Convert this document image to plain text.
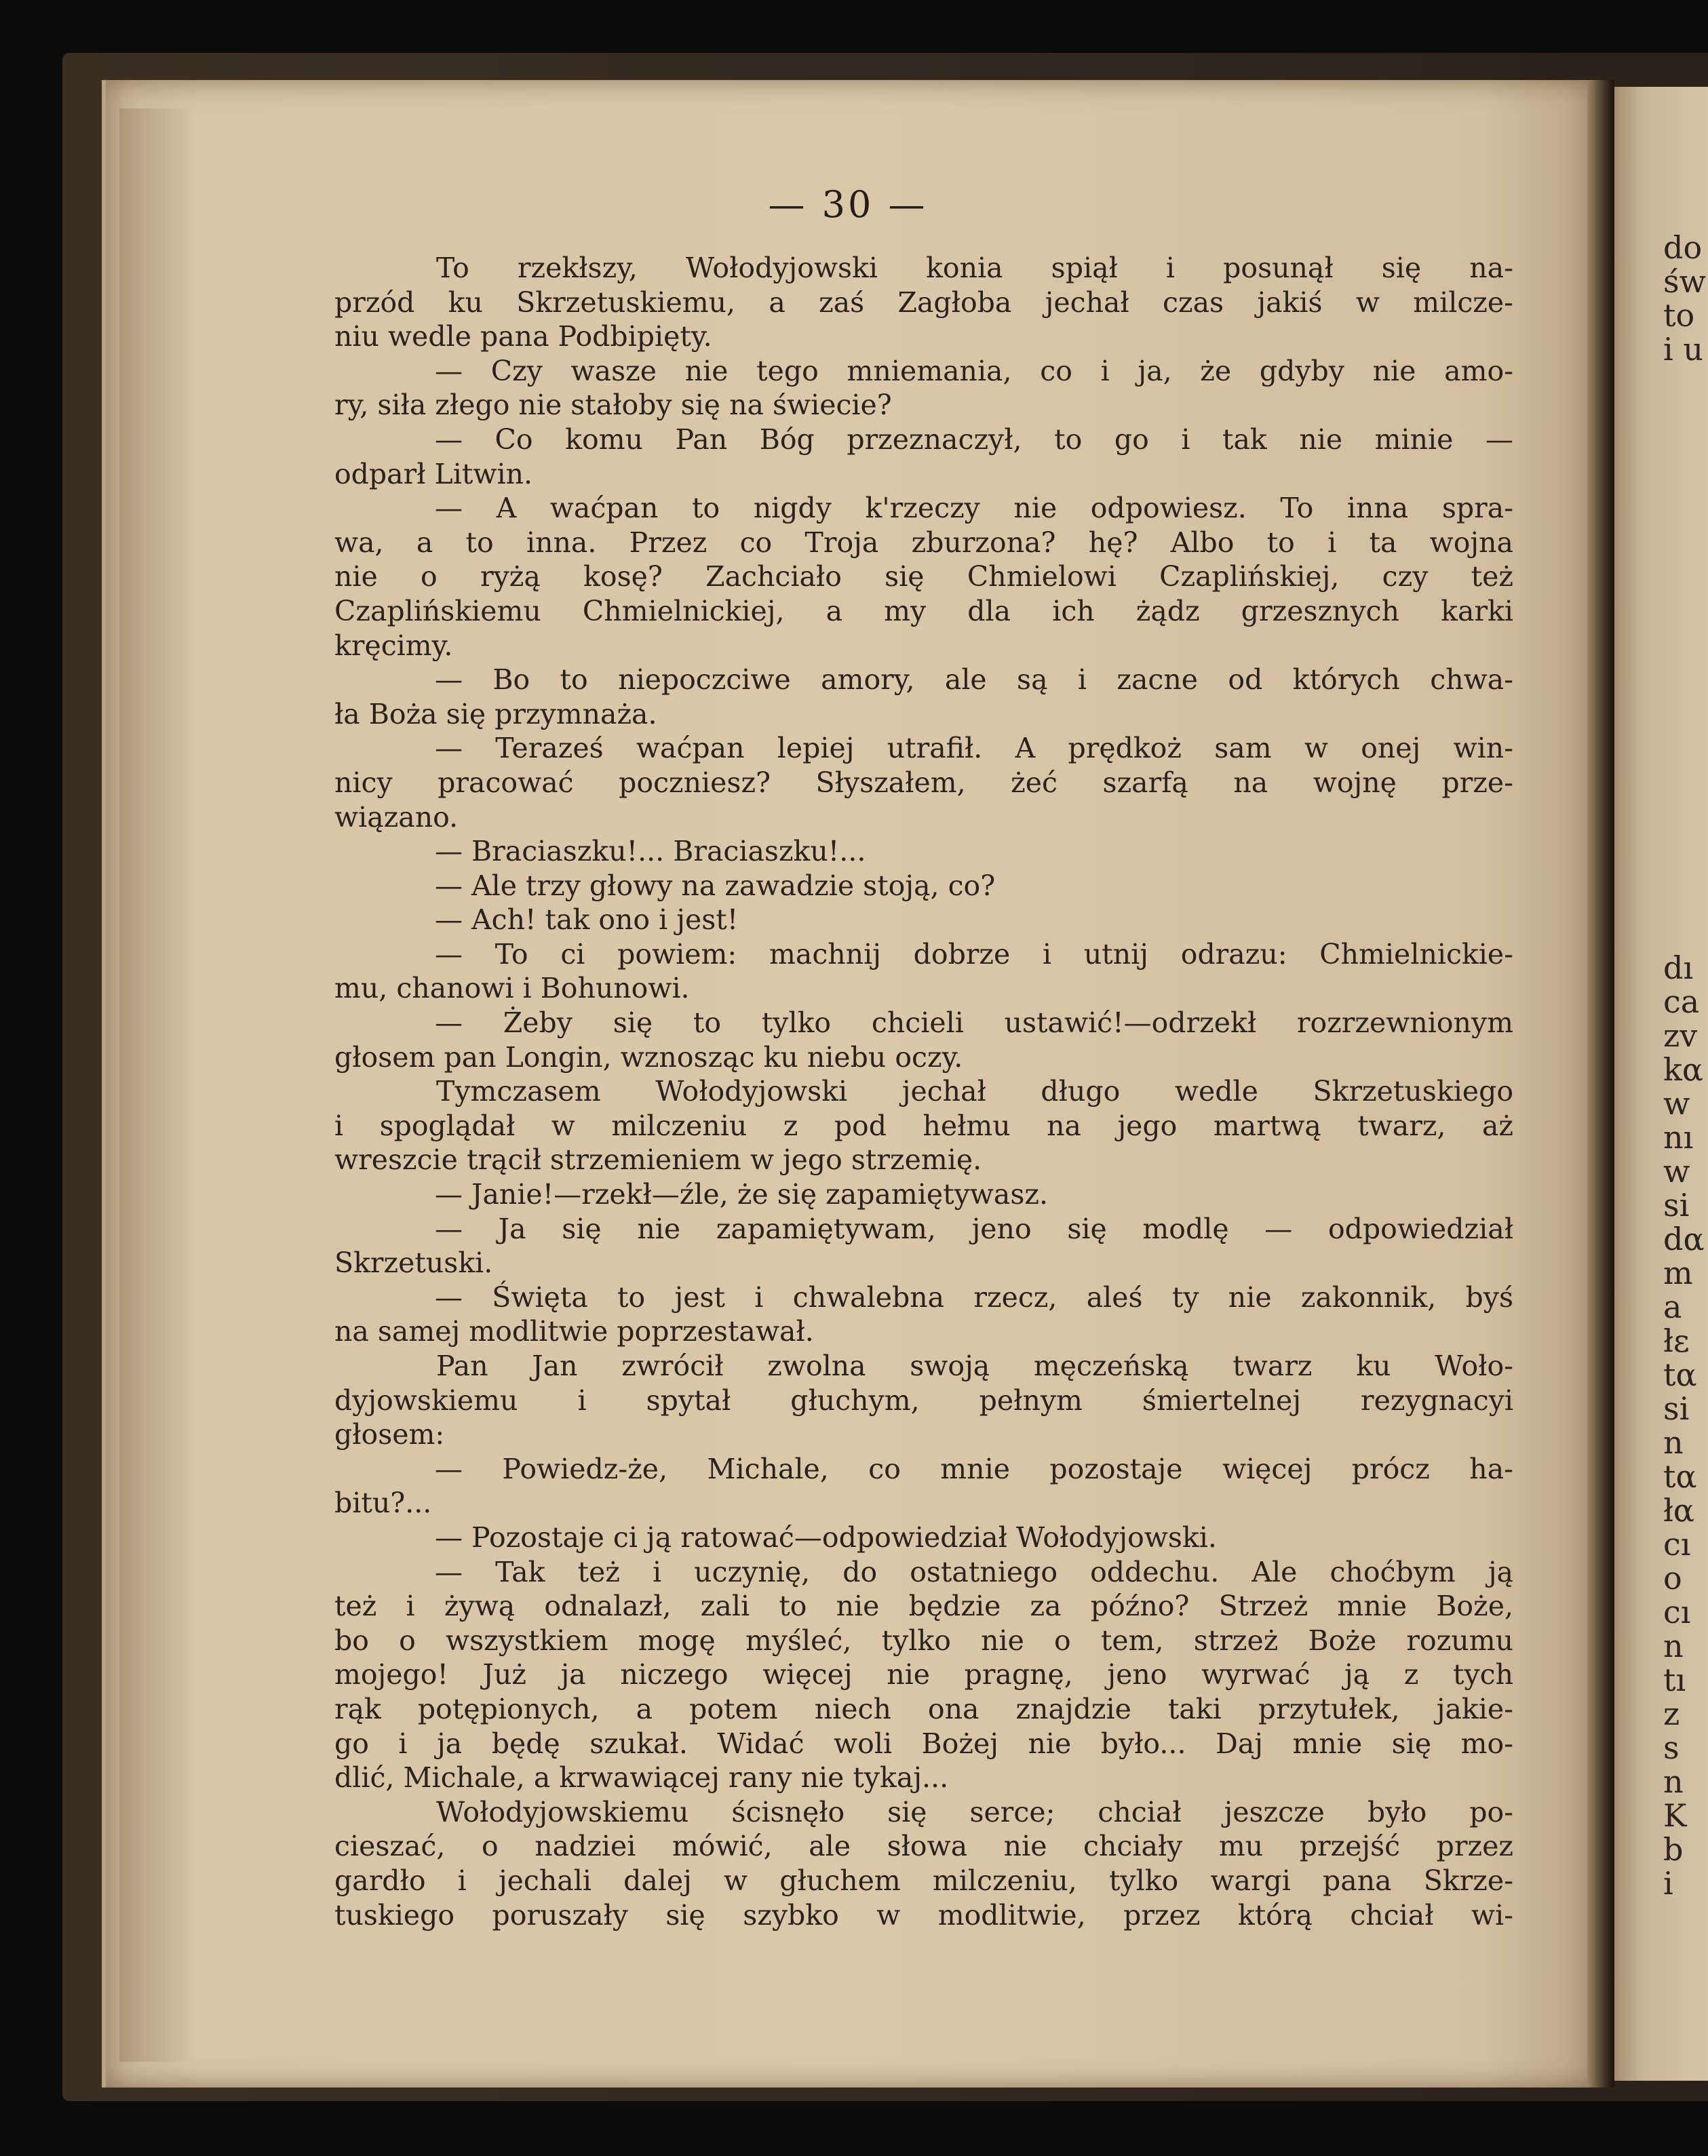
do
św
to
i u
dı
ca
zv
kα
w
nı
w
si
dα
m
a
łε
tα
si
n
tα
łα
cı
o
cı
n
tı
z
s
n
K
b
i
— 30 —
To rzekłszy, Wołodyjowski konia spiął i posunął się na-
przód ku Skrzetuskiemu, a zaś Zagłoba jechał czas jakiś w milcze-
niu wedle pana Podbipięty.
— Czy wasze nie tego mniemania, co i ja, że gdyby nie amo-
ry, siła złego nie stałoby się na świecie?
— Co komu Pan Bóg przeznaczył, to go i tak nie minie —
odparł Litwin.
— A waćpan to nigdy k'rzeczy nie odpowiesz. To inna spra-
wa, a to inna. Przez co Troja zburzona? hę? Albo to i ta wojna
nie o ryżą kosę? Zachciało się Chmielowi Czaplińskiej, czy też
Czaplińskiemu Chmielnickiej, a my dla ich żądz grzesznych karki
kręcimy.
— Bo to niepoczciwe amory, ale są i zacne od których chwa-
ła Boża się przymnaża.
— Teraześ waćpan lepiej utrafił. A prędkoż sam w onej win-
nicy pracować poczniesz? Słyszałem, żeć szarfą na wojnę prze-
wiązano.
— Braciaszku!... Braciaszku!...
— Ale trzy głowy na zawadzie stoją, co?
— Ach! tak ono i jest!
— To ci powiem: machnij dobrze i utnij odrazu: Chmielnickie-
mu, chanowi i Bohunowi.
— Żeby się to tylko chcieli ustawić!—odrzekł rozrzewnionym
głosem pan Longin, wznosząc ku niebu oczy.
Tymczasem Wołodyjowski jechał długo wedle Skrzetuskiego
i spoglądał w milczeniu z pod hełmu na jego martwą twarz, aż
wreszcie trącił strzemieniem w jego strzemię.
— Janie!—rzekł—źle, że się zapamiętywasz.
— Ja się nie zapamiętywam, jeno się modlę — odpowiedział
Skrzetuski.
— Święta to jest i chwalebna rzecz, aleś ty nie zakonnik, byś
na samej modlitwie poprzestawał.
Pan Jan zwrócił zwolna swoją męczeńską twarz ku Woło-
dyjowskiemu i spytał głuchym, pełnym śmiertelnej rezygnacyi
głosem:
— Powiedz-że, Michale, co mnie pozostaje więcej prócz ha-
bitu?...
— Pozostaje ci ją ratować—odpowiedział Wołodyjowski.
— Tak też i uczynię, do ostatniego oddechu. Ale choćbym ją
też i żywą odnalazł, zali to nie będzie za późno? Strzeż mnie Boże,
bo o wszystkiem mogę myśleć, tylko nie o tem, strzeż Boże rozumu
mojego! Już ja niczego więcej nie pragnę, jeno wyrwać ją z tych
rąk potępionych, a potem niech ona znajdzie taki przytułek, jakie-
go i ja będę szukał. Widać woli Bożej nie było... Daj mnie się mo-
dlić, Michale, a krwawiącej rany nie tykaj...
Wołodyjowskiemu ścisnęło się serce; chciał jeszcze było po-
cieszać, o nadziei mówić, ale słowa nie chciały mu przejść przez
gardło i jechali dalej w głuchem milczeniu, tylko wargi pana Skrze-
tuskiego poruszały się szybko w modlitwie, przez którą chciał wi-
